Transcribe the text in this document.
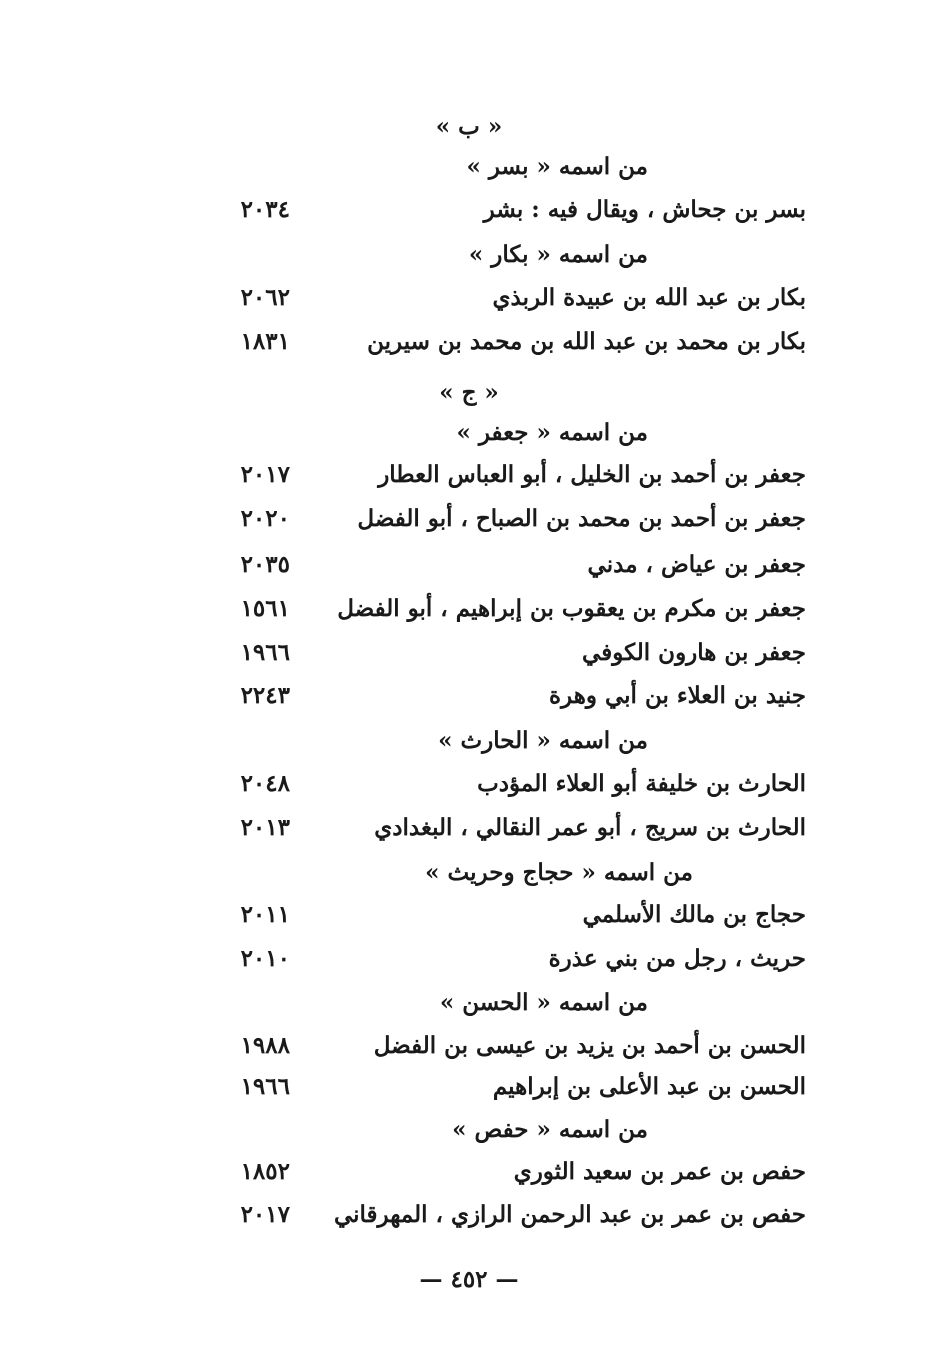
« ب »
من اسمه « بسر »
بسر بن جحاش ، ويقال فيه : بشر
٢٠٣٤
من اسمه « بكار »
بكار بن عبد الله بن عبيدة الربذي
٢٠٦٢
بكار بن محمد بن عبد الله بن محمد بن سيرين
١٨٣١
« ج »
من اسمه « جعفر »
جعفر بن أحمد بن الخليل ، أبو العباس العطار
٢٠١٧
جعفر بن أحمد بن محمد بن الصباح ، أبو الفضل
٢٠٢٠
جعفر بن عياض ، مدني
٢٠٣٥
جعفر بن مكرم بن يعقوب بن إبراهيم ، أبو الفضل
١٥٦١
جعفر بن هارون الكوفي
١٩٦٦
جنيد بن العلاء بن أبي وهرة
٢٢٤٣
من اسمه « الحارث »
الحارث بن خليفة أبو العلاء المؤدب
٢٠٤٨
الحارث بن سريج ، أبو عمر النقالي ، البغدادي
٢٠١٣
من اسمه « حجاج وحريث »
حجاج بن مالك الأسلمي
٢٠١١
حريث ، رجل من بني عذرة
٢٠١٠
من اسمه « الحسن »
الحسن بن أحمد بن يزيد بن عيسى بن الفضل
١٩٨٨
الحسن بن عبد الأعلى بن إبراهيم
١٩٦٦
من اسمه « حفص »
حفص بن عمر بن سعيد الثوري
١٨٥٢
حفص بن عمر بن عبد الرحمن الرازي ، المهرقاني
٢٠١٧
— ٤٥٢ —
